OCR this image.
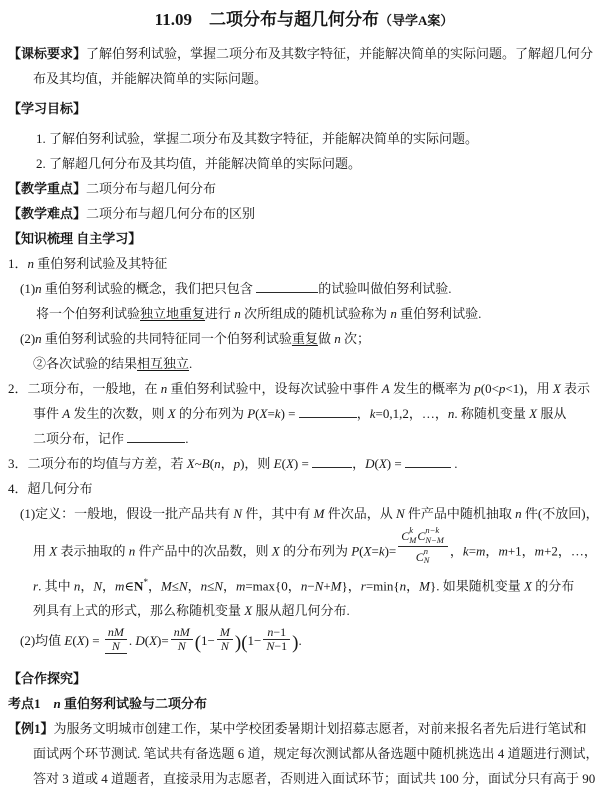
11.09　 二项分布与超几何分布（导学A案）
【课标要求】了解伯努利试验，掌握二项分布及其数字特征，并能解决简单的实际问题。了解超几何分
布及其均值，并能解决简单的实际问题。
【学习目标】
1. 了解伯努利试验，掌握二项分布及其数字特征，并能解决简单的实际问题。
2. 了解超几何分布及其均值，并能解决简单的实际问题。
【教学重点】二项分布与超几何分布
【教学难点】二项分布与超几何分布的区别
【知识梳理 自主学习】
1．n 重伯努利试验及其特征
(1)n 重伯努利试验的概念，我们把只包含	的试验叫做伯努利试验.
将一个伯努利试验独立地重复进行 n 次所组成的随机试验称为 n 重伯努利试验.
(2)n 重伯努利试验的共同特征同一个伯努利试验重复做 n 次；
②各次试验的结果相互独立.
2．二项分布，一般地，在 n 重伯努利试验中，设每次试验中事件 A 发生的概率为 p(0<p<1)，用 X 表示
事件 A 发生的次数，则 X 的分布列为 P(X=k) =	，k=0,1,2，…，n. 称随机变量 X 服从
二项分布，记作	.
3．二项分布的均值与方差，若 X~B(n，p)，则 E(X) =	，D(X) =	.
4．超几何分布
(1)定义：一般地，假设一批产品共有 N 件，其中有 M 件次品，从 N 件产品中随机抽取 n 件(不放回)，
用 X 表示抽取的 n 件产品中的次品数，则 X 的分布列为 P(X=k)= C k
M C n−k
N−M
C n
N ，k=m，m+1，m+2，…，
r. 其中 n，N，m∈N*，M≤N，n≤N，m=max{0，n−N+M}，r=min{n，M}. 如果随机变量 X 的分布
列具有上式的形式，那么称随机变量 X 服从超几何分布.
(2)均值 $E(X) = \frac{nM}{N}$ . $D(X)= \frac{nM}{N} (1- \frac{M}{N} )(1- \frac{n-1}{N-1}$ ).
【合作探究】
考点1　n 重伯努利试验与二项分布
【例1】为服务文明城市创建工作，某中学校团委暑期计划招募志愿者，对前来报名者先后进行笔试和
面试两个环节测试. 笔试共有备选题 6 道，规定每次测试都从备选题中随机挑选出 4 道题进行测试，
答对 3 道或 4 道题者，直接录用为志愿者，否则进入面试环节；面试共 100 分，面试分只有高于 90
